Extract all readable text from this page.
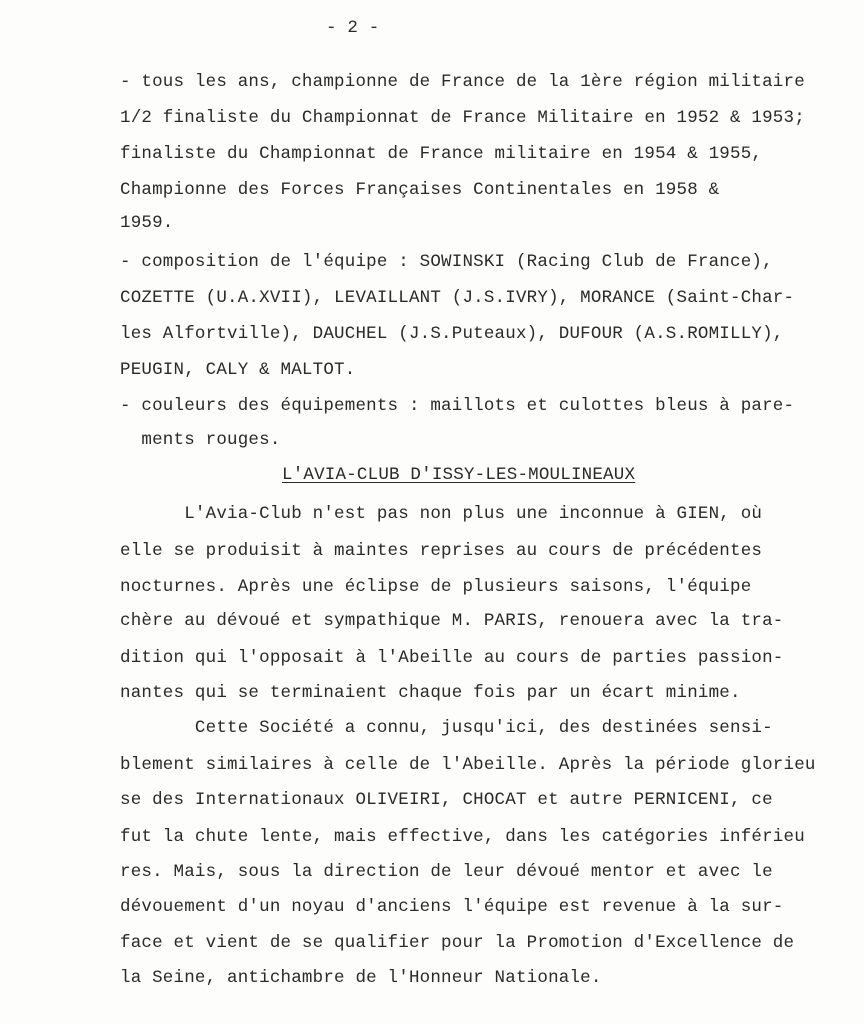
- 2 -
- tous les ans, championne de France de la 1ère région militaire
1/2 finaliste du Championnat de France Militaire en 1952 & 1953;
finaliste du Championnat de France militaire en 1954 & 1955,
Championne des Forces Françaises Continentales en 1958 &
1959.
- composition de l'équipe : SOWINSKI (Racing Club de France),
COZETTE (U.A.XVII), LEVAILLANT (J.S.IVRY), MORANCE (Saint-Char-
les Alfortville), DAUCHEL (J.S.Puteaux), DUFOUR (A.S.ROMILLY),
PEUGIN, CALY & MALTOT.
- couleurs des équipements : maillots et culottes bleus à pare-
ments rouges.
L'AVIA-CLUB D'ISSY-LES-MOULINEAUX
L'Avia-Club n'est pas non plus une inconnue à GIEN, où
elle se produisit à maintes reprises au cours de précédentes
nocturnes. Après une éclipse de plusieurs saisons, l'équipe
chère au dévoué et sympathique M. PARIS, renouera avec la tra-
dition qui l'opposait à l'Abeille au cours de parties passion-
nantes qui se terminaient chaque fois par un écart minime.
Cette Société a connu, jusqu'ici, des destinées sensi-
blement similaires à celle de l'Abeille. Après la période glorieu
se des Internationaux OLIVEIRI, CHOCAT et autre PERNICENI, ce
fut la chute lente, mais effective, dans les catégories inférieu
res. Mais, sous la direction de leur dévoué mentor et avec le
dévouement d'un noyau d'anciens l'équipe est revenue à la sur-
face et vient de se qualifier pour la Promotion d'Excellence de
la Seine, antichambre de l'Honneur Nationale.
